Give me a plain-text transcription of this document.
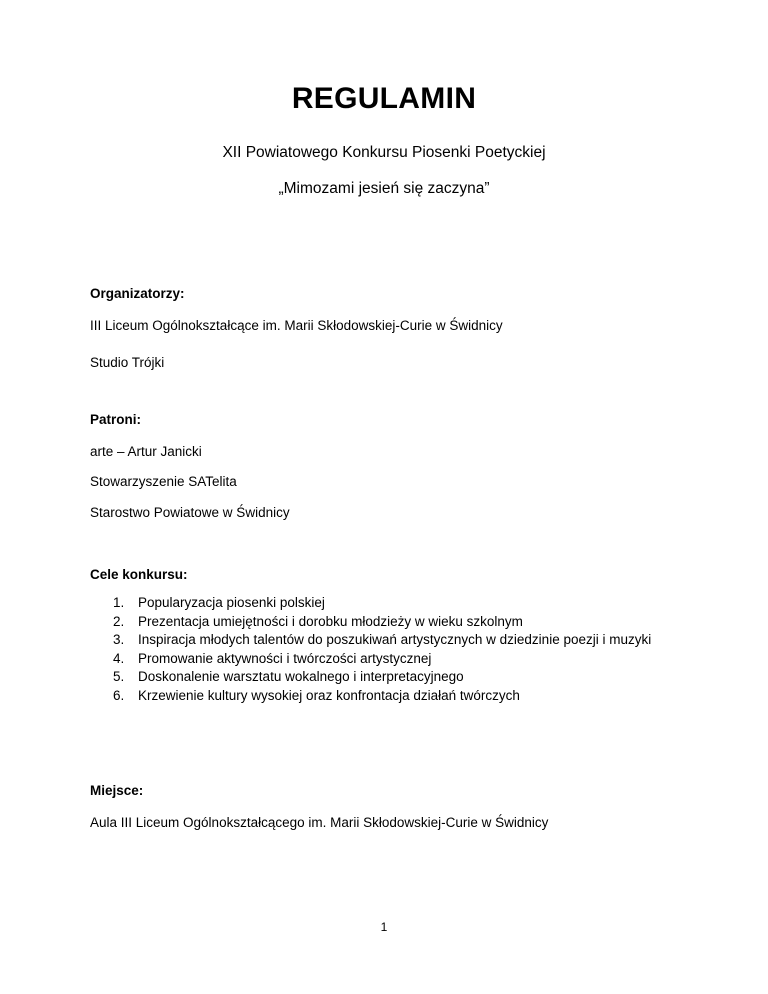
REGULAMIN
XII Powiatowego Konkursu Piosenki Poetyckiej
„Mimozami jesień się zaczyna”
Organizatorzy:
III Liceum Ogólnokształcące im. Marii Skłodowskiej-Curie w Świdnicy
Studio Trójki
Patroni:
arte – Artur Janicki
Stowarzyszenie SATelita
Starostwo Powiatowe w Świdnicy
Cele konkursu:
1. Popularyzacja piosenki polskiej
2. Prezentacja umiejętności i dorobku młodzieży w wieku szkolnym
3. Inspiracja młodych talentów do poszukiwań artystycznych w dziedzinie poezji i muzyki
4. Promowanie aktywności i twórczości artystycznej
5. Doskonalenie warsztatu wokalnego i interpretacyjnego
6. Krzewienie kultury wysokiej oraz konfrontacja działań twórczych
Miejsce:
Aula III Liceum Ogólnokształcącego im. Marii Skłodowskiej-Curie w Świdnicy
1
